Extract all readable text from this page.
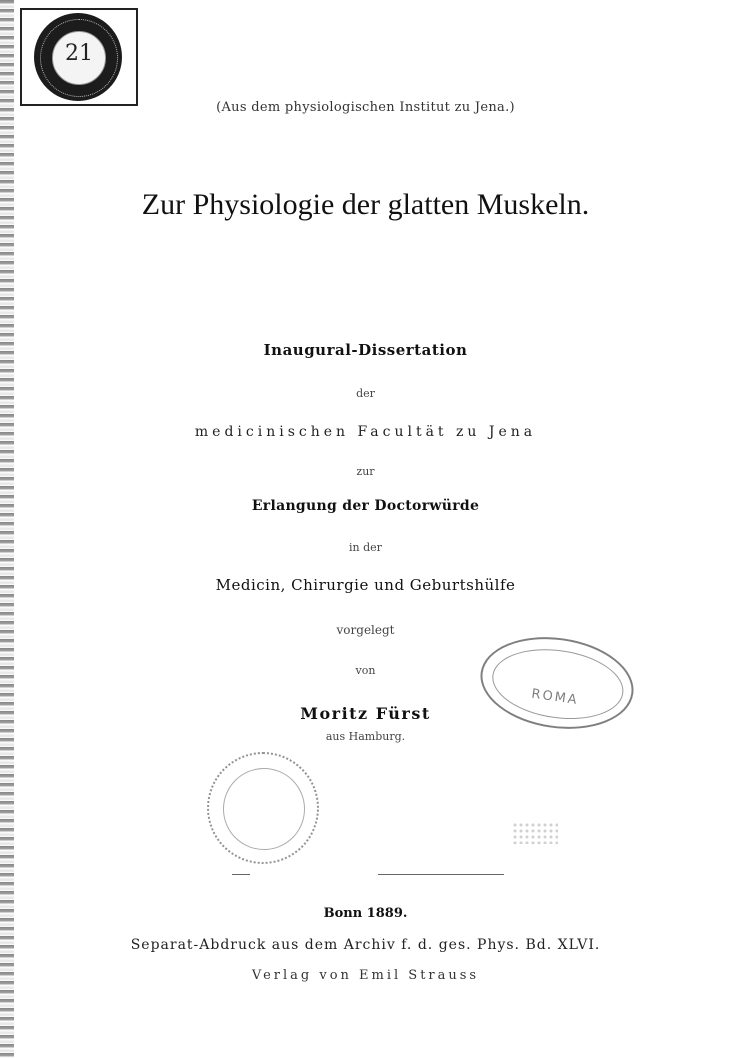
21
(Aus dem physiologischen Institut zu Jena.)
Zur Physiologie der glatten Muskeln.
Inaugural-Dissertation
der
medicinischen Facultät zu Jena
zur
Erlangung der Doctorwürde
in der
Medicin, Chirurgie und Geburtshülfe
vorgelegt
von
Moritz Fürst
aus Hamburg.
ROMA
Bonn 1889.
Separat-Abdruck aus dem Archiv f. d. ges. Phys. Bd. XLVI.
Verlag von Emil Strauss
